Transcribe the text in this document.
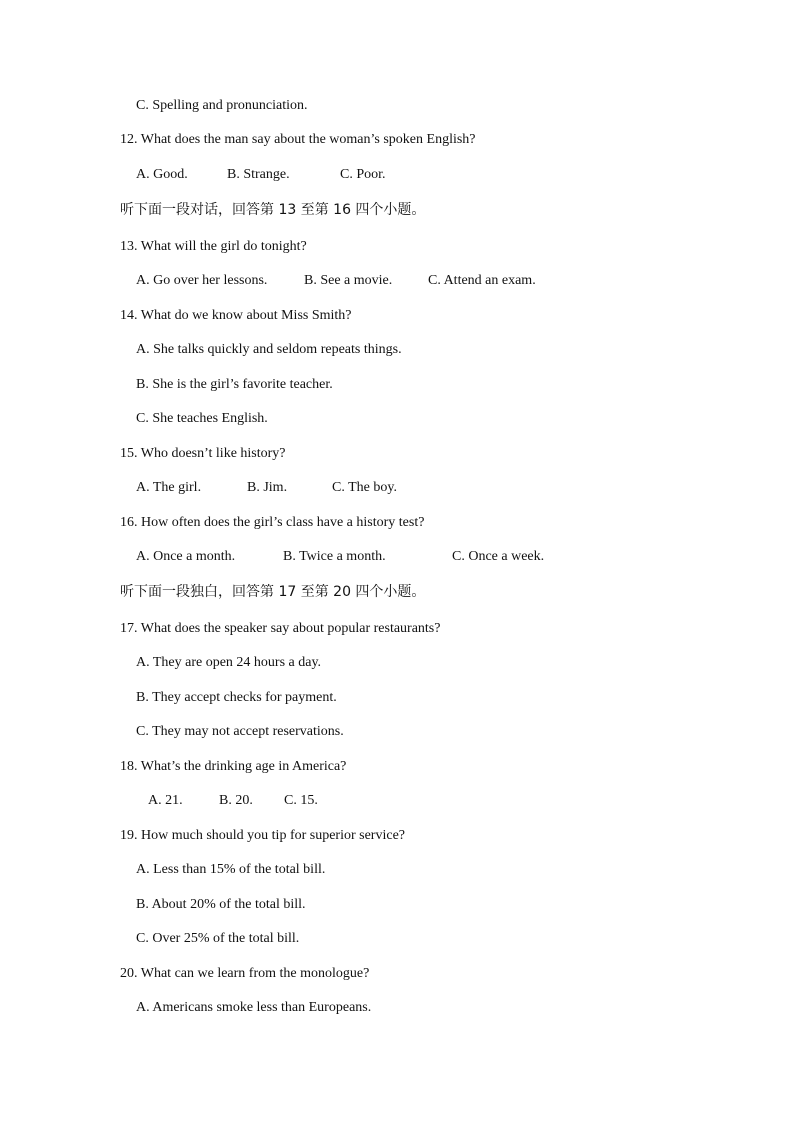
C. Spelling and pronunciation.
12. What does the man say about the woman’s spoken English?
A. Good.	B. Strange.	C. Poor.
听下面一段对话，回答第 13 至第 16 四个小题。
13. What will the girl do tonight?
A. Go over her lessons.	B. See a movie.	C. Attend an exam.
14. What do we know about Miss Smith?
A. She talks quickly and seldom repeats things.
B. She is the girl’s favorite teacher.
C. She teaches English.
15. Who doesn’t like history?
A. The girl.	B. Jim.	C. The boy.
16. How often does the girl’s class have a history test?
A. Once a month.	B. Twice a month.	C. Once a week.
听下面一段独白，回答第 17 至第 20 四个小题。
17. What does the speaker say about popular restaurants?
A. They are open 24 hours a day.
B. They accept checks for payment.
C. They may not accept reservations.
18. What’s the drinking age in America?
A. 21.	B. 20. C. 15.
19. How much should you tip for superior service?
A. Less than 15% of the total bill.
B. About 20% of the total bill.
C. Over 25% of the total bill.
20. What can we learn from the monologue?
A. Americans smoke less than Europeans.
